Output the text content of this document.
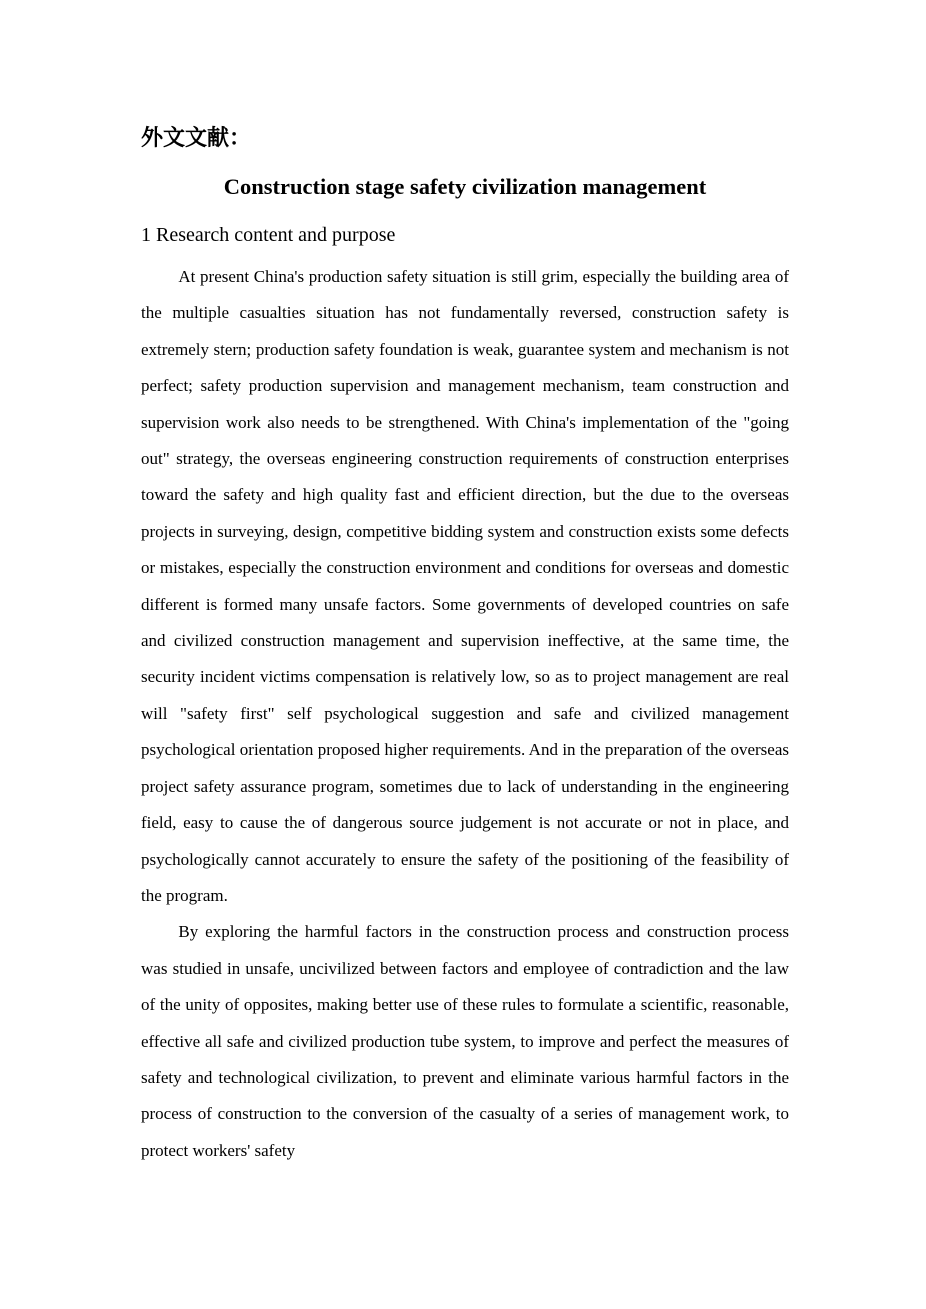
外文文献：
Construction stage safety civilization management
1 Research content and purpose

At present China's production safety situation is still grim, especially the building area of the multiple casualties situation has not fundamentally reversed, construction safety is extremely stern; production safety foundation is weak, guarantee system and mechanism is not perfect; safety production supervision and management mechanism, team construction and supervision work also needs to be strengthened. With China's implementation of the "going out" strategy, the overseas engineering construction requirements of construction enterprises toward the safety and high quality fast and efficient direction, but the due to the overseas projects in surveying, design, competitive bidding system and construction exists some defects or mistakes, especially the construction environment and conditions for overseas and domestic different is formed many unsafe factors. Some governments of developed countries on safe and civilized construction management and supervision ineffective, at the same time, the security incident victims compensation is relatively low, so as to project management are real will "safety first" self psychological suggestion and safe and civilized management psychological orientation proposed higher requirements. And in the preparation of the overseas project safety assurance program, sometimes due to lack of understanding in the engineering field, easy to cause the of dangerous source judgement is not accurate or not in place, and psychologically cannot accurately to ensure the safety of the positioning of the feasibility of the program.

By exploring the harmful factors in the construction process and construction process was studied in unsafe, uncivilized between factors and employee of contradiction and the law of the unity of opposites, making better use of these rules to formulate a scientific, reasonable, effective all safe and civilized production tube system, to improve and perfect the measures of safety and technological civilization, to prevent and eliminate various harmful factors in the process of construction to the conversion of the casualty of a series of management work, to protect workers' safety
